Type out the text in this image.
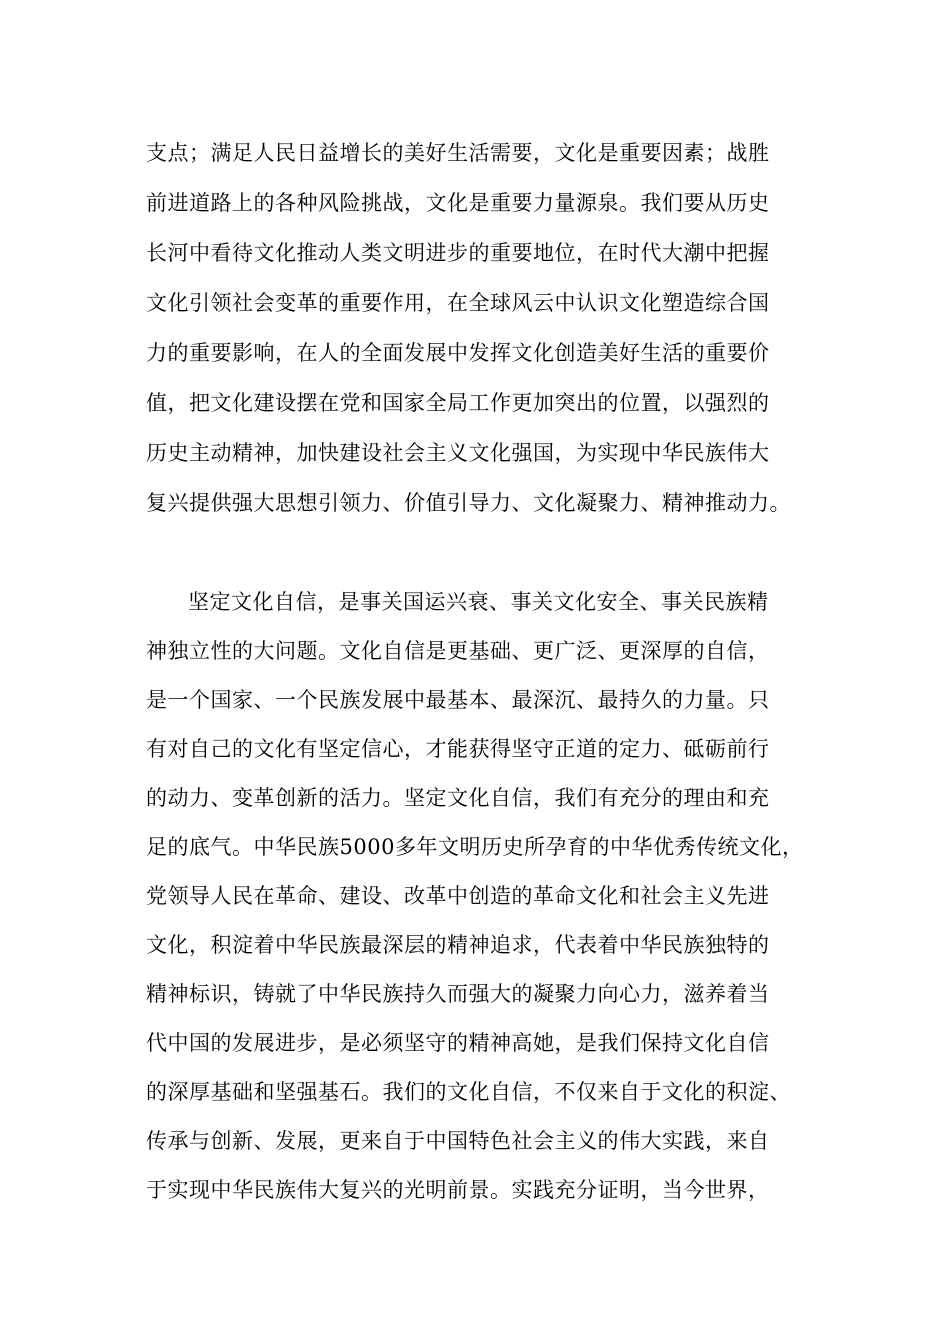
支点；满足人民日益增长的美好生活需要，文化是重要因素；战胜
前进道路上的各种风险挑战，文化是重要力量源泉。我们要从历史
长河中看待文化推动人类文明进步的重要地位，在时代大潮中把握
文化引领社会变革的重要作用，在全球风云中认识文化塑造综合国
力的重要影响，在人的全面发展中发挥文化创造美好生活的重要价
值，把文化建设摆在党和国家全局工作更加突出的位置，以强烈的
历史主动精神，加快建设社会主义文化强国，为实现中华民族伟大
复兴提供强大思想引领力、价值引导力、文化凝聚力、精神推动力。
坚定文化自信，是事关国运兴衰、事关文化安全、事关民族精
神独立性的大问题。文化自信是更基础、更广泛、更深厚的自信，
是一个国家、一个民族发展中最基本、最深沉、最持久的力量。只
有对自己的文化有坚定信心，才能获得坚守正道的定力、砥砺前行
的动力、变革创新的活力。坚定文化自信，我们有充分的理由和充
足的底气。中华民族5000多年文明历史所孕育的中华优秀传统文化，
党领导人民在革命、建设、改革中创造的革命文化和社会主义先进
文化，积淀着中华民族最深层的精神追求，代表着中华民族独特的
精神标识，铸就了中华民族持久而强大的凝聚力向心力，滋养着当
代中国的发展进步，是必须坚守的精神高她，是我们保持文化自信
的深厚基础和坚强基石。我们的文化自信，不仅来自于文化的积淀、
传承与创新、发展，更来自于中国特色社会主义的伟大实践，来自
于实现中华民族伟大复兴的光明前景。实践充分证明，当今世界，
